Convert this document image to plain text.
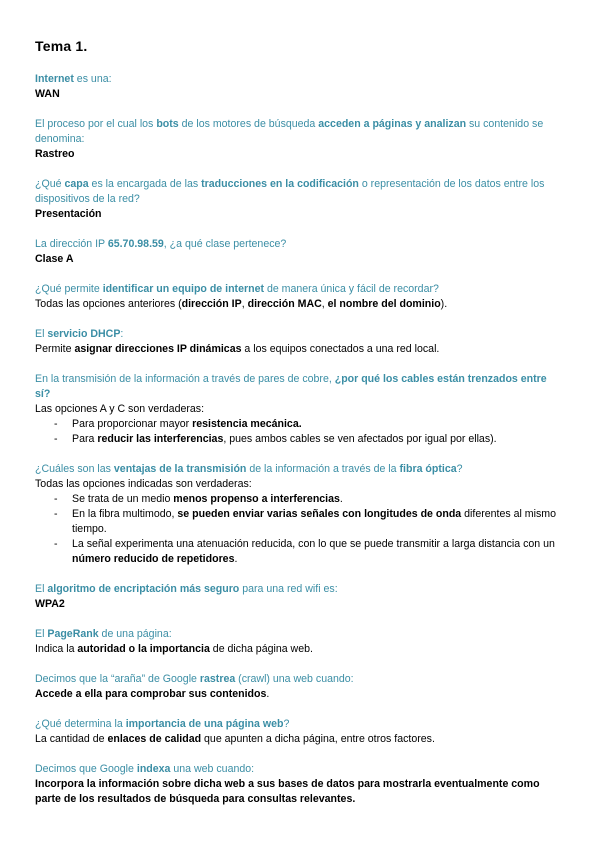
Tema 1.
Internet es una:
WAN
El proceso por el cual los bots de los motores de búsqueda acceden a páginas y analizan su contenido se denomina:
Rastreo
¿Qué capa es la encargada de las traducciones en la codificación o representación de los datos entre los dispositivos de la red?
Presentación
La dirección IP 65.70.98.59, ¿a qué clase pertenece?
Clase A
¿Qué permite identificar un equipo de internet de manera única y fácil de recordar?
Todas las opciones anteriores (dirección IP, dirección MAC, el nombre del dominio).
El servicio DHCP:
Permite asignar direcciones IP dinámicas a los equipos conectados a una red local.
En la transmisión de la información a través de pares de cobre, ¿por qué los cables están trenzados entre sí?
Las opciones A y C son verdaderas:
- Para proporcionar mayor resistencia mecánica.
- Para reducir las interferencias, pues ambos cables se ven afectados por igual por ellas).
¿Cuáles son las ventajas de la transmisión de la información a través de la fibra óptica?
Todas las opciones indicadas son verdaderas:
- Se trata de un medio menos propenso a interferencias.
- En la fibra multimodo, se pueden enviar varias señales con longitudes de onda diferentes al mismo tiempo.
- La señal experimenta una atenuación reducida, con lo que se puede transmitir a larga distancia con un número reducido de repetidores.
El algoritmo de encriptación más seguro para una red wifi es:
WPA2
El PageRank de una página:
Indica la autoridad o la importancia de dicha página web.
Decimos que la “araña” de Google rastrea (crawl) una web cuando:
Accede a ella para comprobar sus contenidos.
¿Qué determina la importancia de una página web?
La cantidad de enlaces de calidad que apunten a dicha página, entre otros factores.
Decimos que Google indexa una web cuando:
Incorpora la información sobre dicha web a sus bases de datos para mostrarla eventualmente como parte de los resultados de búsqueda para consultas relevantes.
